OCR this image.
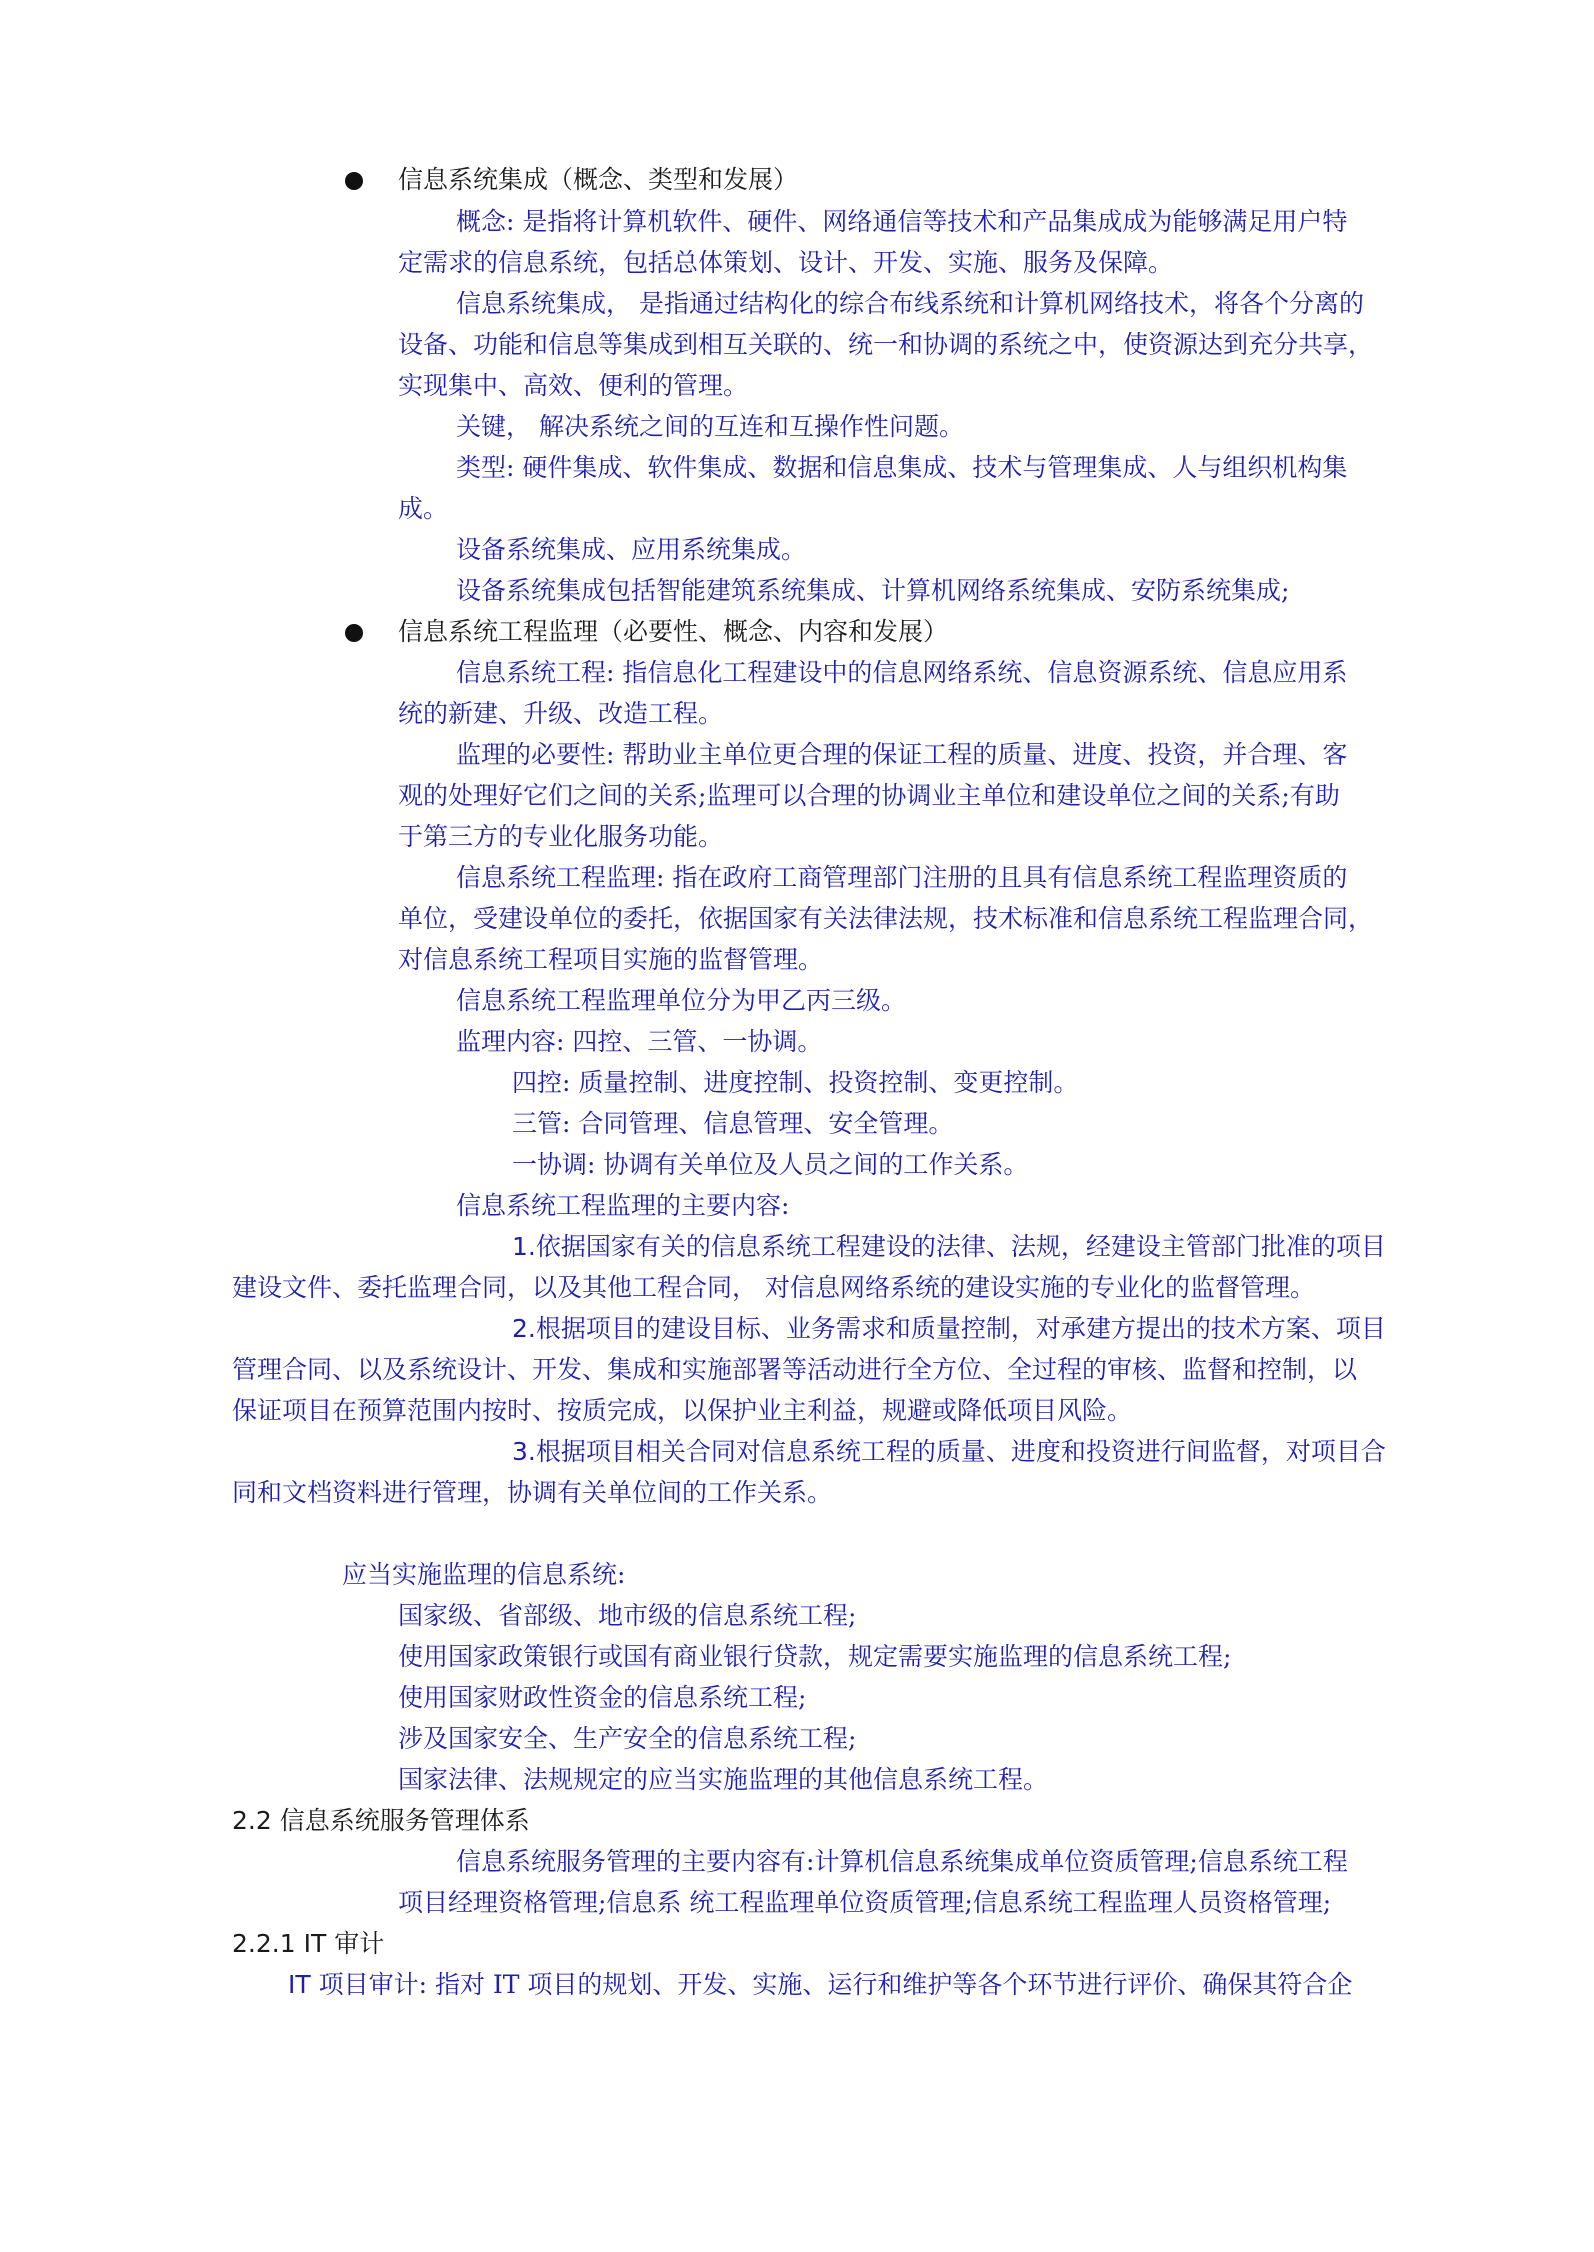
信息系统集成（概念、类型和发展）
概念: 是指将计算机软件、硬件、网络通信等技术和产品集成成为能够满足用户特
定需求的信息系统，包括总体策划、设计、开发、实施、服务及保障。
信息系统集成， 是指通过结构化的综合布线系统和计算机网络技术，将各个分离的
设备、功能和信息等集成到相互关联的、统一和协调的系统之中，使资源达到充分共享，
实现集中、高效、便利的管理。
关键， 解决系统之间的互连和互操作性问题。
类型: 硬件集成、软件集成、数据和信息集成、技术与管理集成、人与组织机构集
成。
设备系统集成、应用系统集成。
设备系统集成包括智能建筑系统集成、计算机网络系统集成、安防系统集成;
信息系统工程监理（必要性、概念、内容和发展）
信息系统工程: 指信息化工程建设中的信息网络系统、信息资源系统、信息应用系
统的新建、升级、改造工程。
监理的必要性: 帮助业主单位更合理的保证工程的质量、进度、投资，并合理、客
观的处理好它们之间的关系;监理可以合理的协调业主单位和建设单位之间的关系;有助
于第三方的专业化服务功能。
信息系统工程监理: 指在政府工商管理部门注册的且具有信息系统工程监理资质的
单位，受建设单位的委托，依据国家有关法律法规，技术标准和信息系统工程监理合同，
对信息系统工程项目实施的监督管理。
信息系统工程监理单位分为甲乙丙三级。
监理内容: 四控、三管、一协调。
四控: 质量控制、进度控制、投资控制、变更控制。
三管: 合同管理、信息管理、安全管理。
一协调: 协调有关单位及人员之间的工作关系。
信息系统工程监理的主要内容:
1.依据国家有关的信息系统工程建设的法律、法规，经建设主管部门批准的项目
建设文件、委托监理合同，以及其他工程合同， 对信息网络系统的建设实施的专业化的监督管理。
2.根据项目的建设目标、业务需求和质量控制，对承建方提出的技术方案、项目
管理合同、以及系统设计、开发、集成和实施部署等活动进行全方位、全过程的审核、监督和控制，以
保证项目在预算范围内按时、按质完成，以保护业主利益，规避或降低项目风险。
3.根据项目相关合同对信息系统工程的质量、进度和投资进行间监督，对项目合
同和文档资料进行管理，协调有关单位间的工作关系。
应当实施监理的信息系统:
国家级、省部级、地市级的信息系统工程;
使用国家政策银行或国有商业银行贷款，规定需要实施监理的信息系统工程;
使用国家财政性资金的信息系统工程;
涉及国家安全、生产安全的信息系统工程;
国家法律、法规规定的应当实施监理的其他信息系统工程。
2.2 信息系统服务管理体系
信息系统服务管理的主要内容有:计算机信息系统集成单位资质管理;信息系统工程
项目经理资格管理;信息系 统工程监理单位资质管理;信息系统工程监理人员资格管理;
2.2.1 IT 审计
IT 项目审计: 指对 IT 项目的规划、开发、实施、运行和维护等各个环节进行评价、确保其符合企
